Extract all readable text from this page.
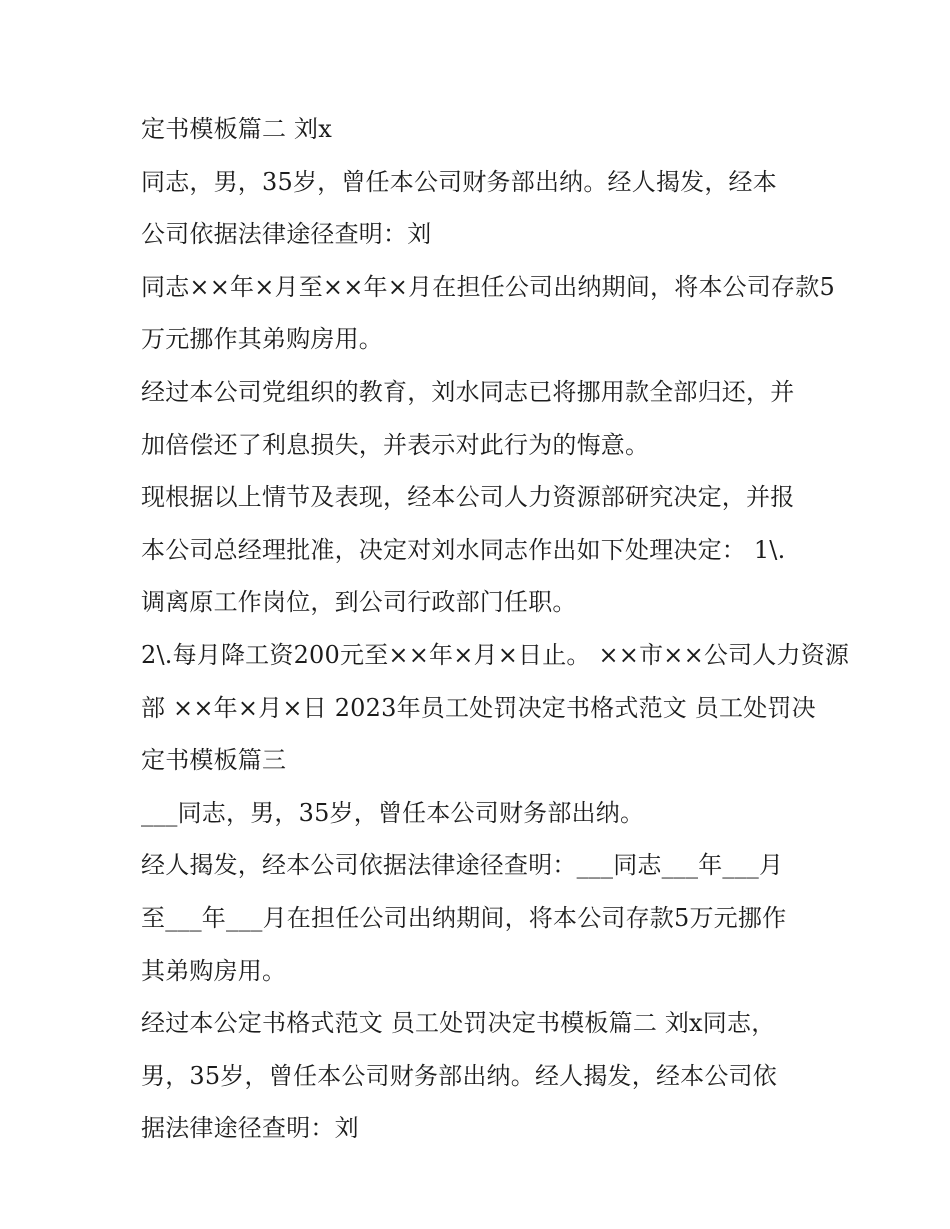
定书模板篇二 刘x
同志，男，35岁，曾任本公司财务部出纳。经人揭发，经本
公司依据法律途径查明：刘
同志××年×月至××年×月在担任公司出纳期间，将本公司存款5
万元挪作其弟购房用。
经过本公司党组织的教育，刘水同志已将挪用款全部归还，并
加倍偿还了利息损失，并表示对此行为的悔意。
现根据以上情节及表现，经本公司人力资源部研究决定，并报
本公司总经理批准，决定对刘水同志作出如下处理决定： 1\.
调离原工作岗位，到公司行政部门任职。
2\.每月降工资200元至××年×月×日止。 ××市××公司人力资源
部 ××年×月×日 2023年员工处罚决定书格式范文 员工处罚决
定书模板篇三
___同志，男，35岁，曾任本公司财务部出纳。
经人揭发，经本公司依据法律途径查明：___同志___年___月
至___年___月在担任公司出纳期间，将本公司存款5万元挪作
其弟购房用。
经过本公定书格式范文 员工处罚决定书模板篇二 刘x同志，
男，35岁，曾任本公司财务部出纳。经人揭发，经本公司依
据法律途径查明：刘
